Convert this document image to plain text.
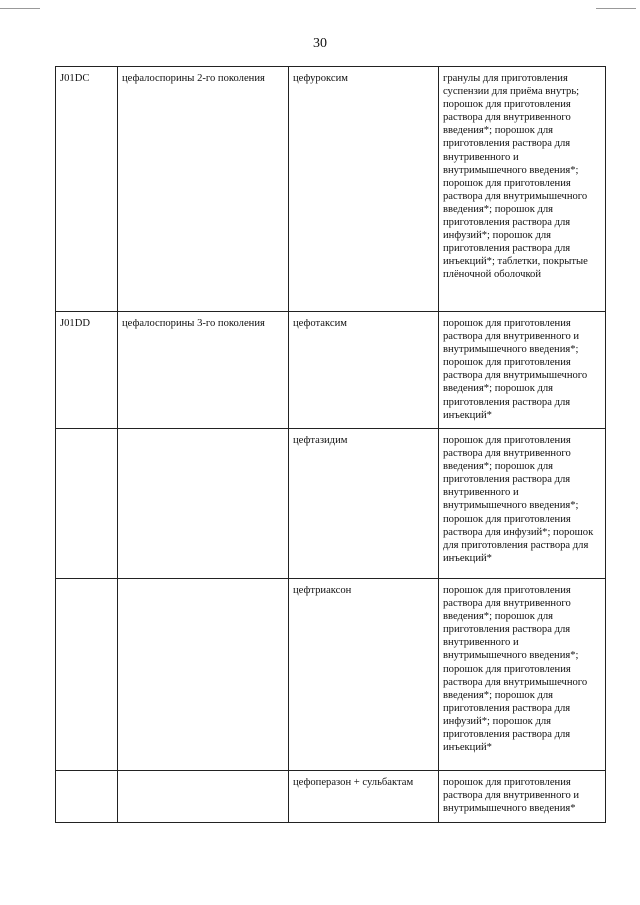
30
J01DC	цефалоспорины 2-го поколения	цефуроксим	гранулы для приготовления суспензии для приёма внутрь; порошок для приготовления раствора для внутривенного введения*; порошок для приготовления раствора для внутривенного и внутримышечного введения*; порошок для приготовления раствора для внутримышечного введения*; порошок для приготовления раствора для инфузий*; порошок для приготовления раствора для инъекций*; таблетки, покрытые плёночной оболочкой
J01DD	цефалоспорины 3-го поколения	цефотаксим	порошок для приготовления раствора для внутривенного и внутримышечного введения*; порошок для приготовления раствора для внутримышечного введения*; порошок для приготовления раствора для инъекций*
		цефтазидим	порошок для приготовления раствора для внутривенного введения*; порошок для приготовления раствора для внутривенного и внутримышечного введения*; порошок для приготовления раствора для инфузий*; порошок для приготовления раствора для инъекций*
		цефтриаксон	порошок для приготовления раствора для внутривенного введения*; порошок для приготовления раствора для внутривенного и внутримышечного введения*; порошок для приготовления раствора для внутримышечного введения*; порошок для приготовления раствора для инфузий*; порошок для приготовления раствора для инъекций*
		цефоперазон + сульбактам	порошок для приготовления раствора для внутривенного и внутримышечного введения*
